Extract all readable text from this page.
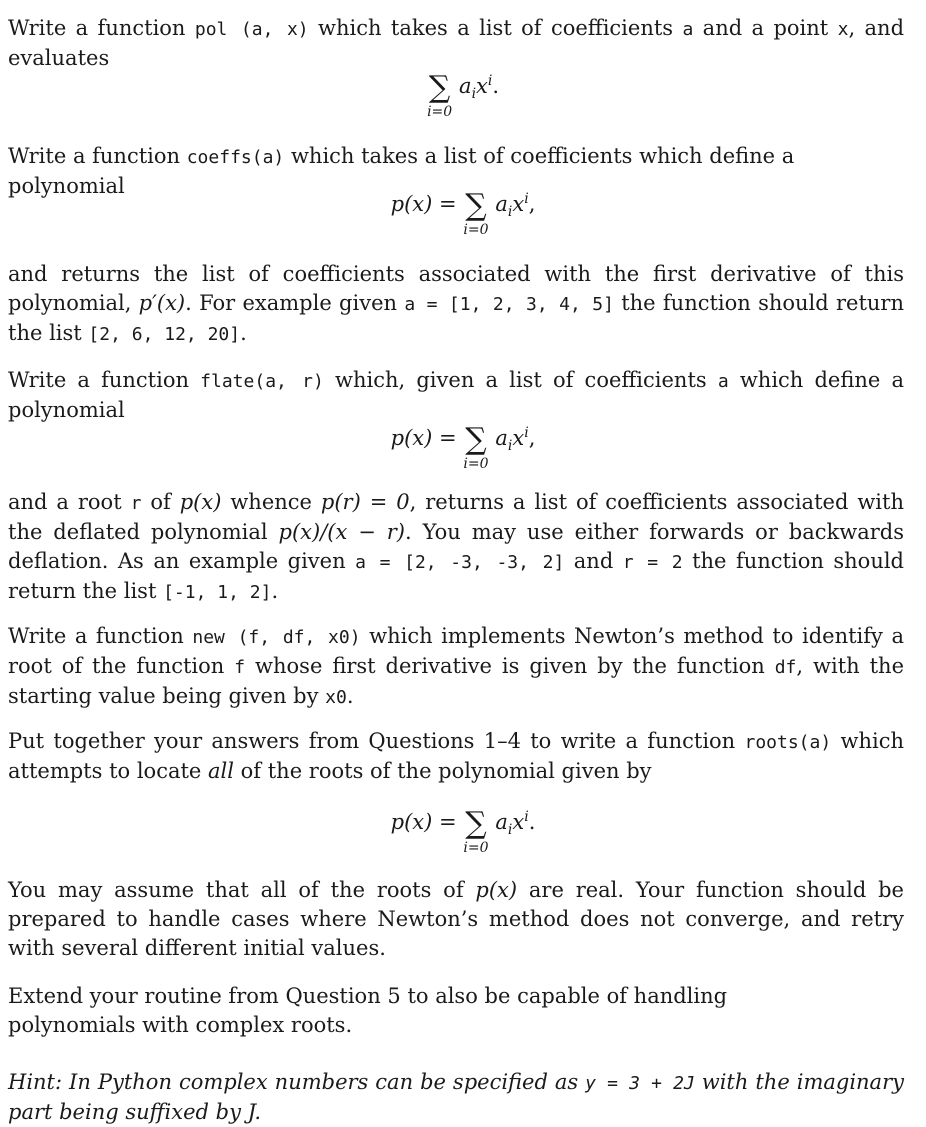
Write a function pol (a, x) which takes a list of coefficients a and a point x, and evaluates

∑
i=0
$a_ix^i$.

Write a function coeffs(a) which takes a list of coefficients which define a polynomial

p(x) = ∑
i=0
$a_ix^i$,

and returns the list of coefficients associated with the first derivative of this polynomial, p′(x). For example given a = [1, 2, 3, 4, 5] the function should return the list [2, 6, 12, 20].

Write a function flate(a, r) which, given a list of coefficients a which define a polynomial

p(x) = ∑
i=0
$a_ix^i$,

and a root r of p(x) whence p(r) = 0, returns a list of coefficients associated with the deflated polynomial p(x)/(x − r). You may use either forwards or backwards deflation. As an example given a = [2, -3, -3, 2] and r = 2 the function should return the list [-1, 1, 2].

Write a function new (f, df, x0) which implements Newton’s method to identify a root of the function f whose first derivative is given by the function df, with the starting value being given by x0.

Put together your answers from Questions 1–4 to write a function roots(a) which attempts to locate all of the roots of the polynomial given by

p(x) = ∑
i=0
$a_ix^i$.

You may assume that all of the roots of p(x) are real. Your function should be prepared to handle cases where Newton’s method does not converge, and retry with several different initial values.

Extend your routine from Question 5 to also be capable of handling polynomials with complex roots.

Hint: In Python complex numbers can be specified as y = 3 + 2J with the imaginary part being suffixed by J.
